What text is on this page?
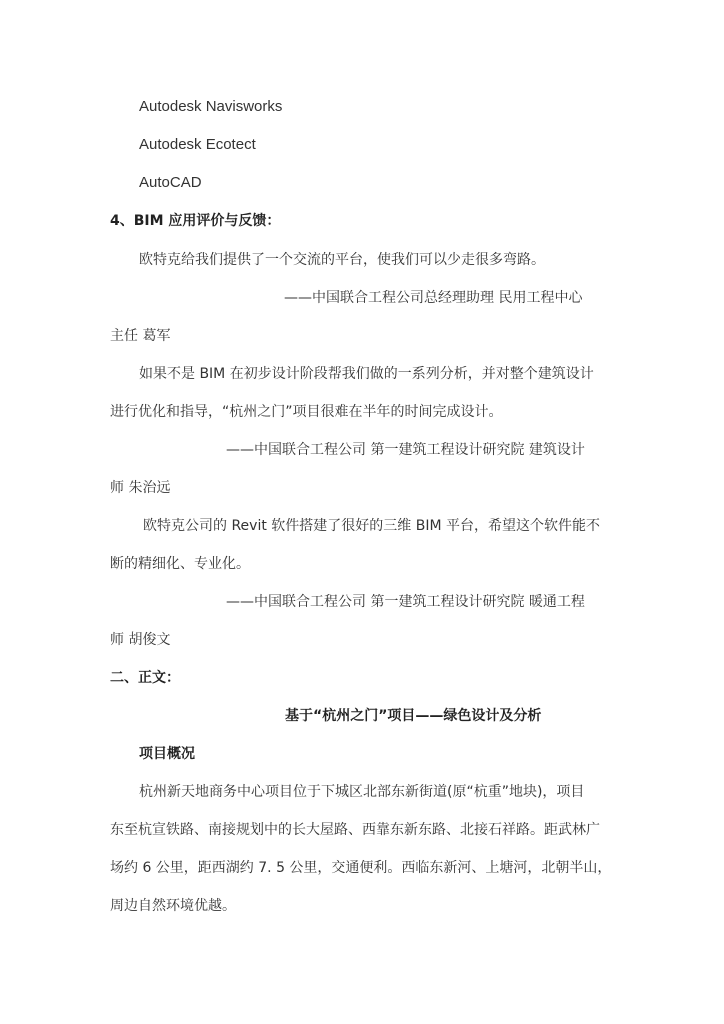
Autodesk Navisworks
Autodesk Ecotect
AutoCAD
4、BIM 应用评价与反馈：
欧特克给我们提供了一个交流的平台，使我们可以少走很多弯路。
——中国联合工程公司总经理助理 民用工程中心
主任 葛军
如果不是 BIM 在初步设计阶段帮我们做的一系列分析，并对整个建筑设计
进行优化和指导，“杭州之门”项目很难在半年的时间完成设计。
——中国联合工程公司 第一建筑工程设计研究院 建筑设计
师 朱治远
欧特克公司的 Revit 软件搭建了很好的三维 BIM 平台，希望这个软件能不
断的精细化、专业化。
——中国联合工程公司 第一建筑工程设计研究院 暖通工程
师 胡俊文
二、正文：
基于“杭州之门”项目——绿色设计及分析
项目概况
杭州新天地商务中心项目位于下城区北部东新街道(原“杭重”地块)，项目
东至杭宣铁路、南接规划中的长大屋路、西靠东新东路、北接石祥路。距武林广
场约 6 公里，距西湖约 7. 5 公里，交通便利。西临东新河、上塘河，北朝半山，
周边自然环境优越。
